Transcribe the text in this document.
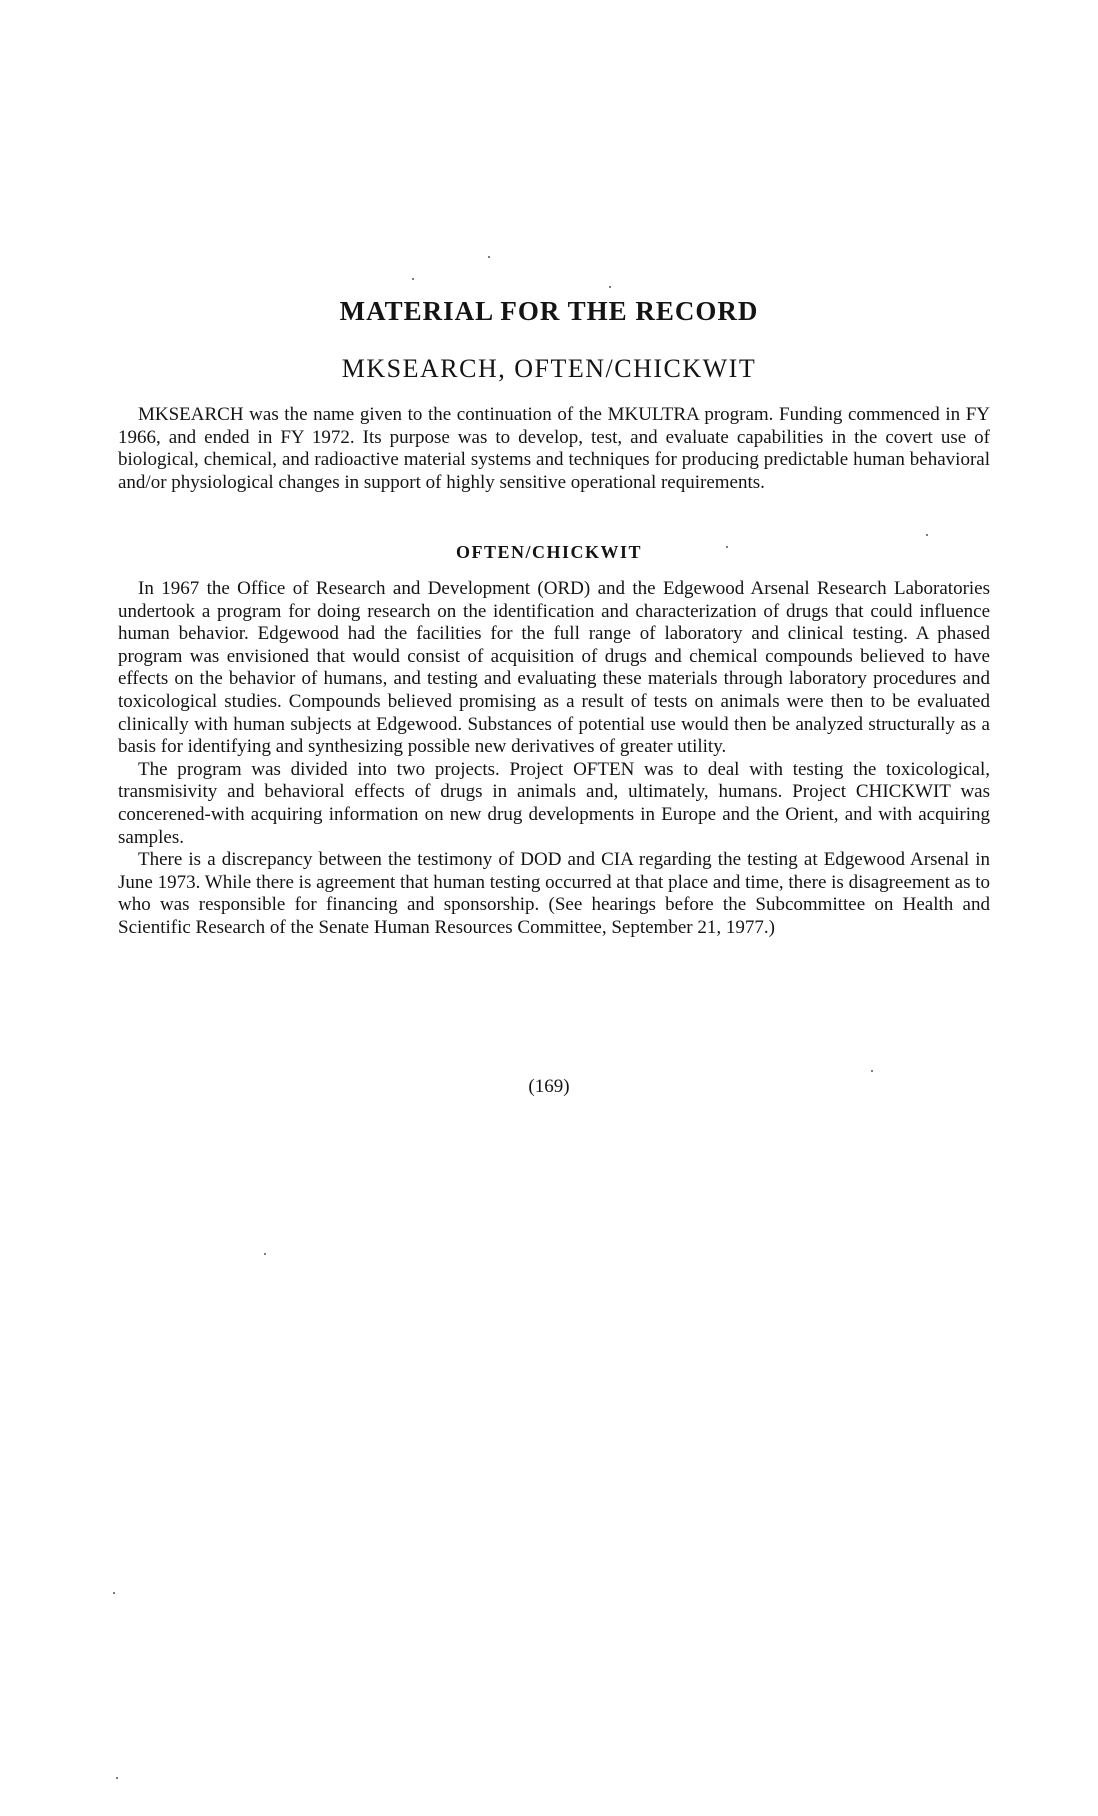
MATERIAL FOR THE RECORD
MKSEARCH, OFTEN/CHICKWIT

MKSEARCH was the name given to the continuation of the MKULTRA program. Funding commenced in FY 1966, and ended in FY 1972. Its purpose was to develop, test, and evaluate capabilities in the covert use of biological, chemical, and radioactive material systems and techniques for producing predictable human behavioral and/or physiological changes in support of highly sensitive operational requirements.

OFTEN/CHICKWIT

In 1967 the Office of Research and Development (ORD) and the Edgewood Arsenal Research Laboratories undertook a program for doing research on the identification and characterization of drugs that could influence human behavior. Edgewood had the facilities for the full range of laboratory and clinical testing. A phased program was envisioned that would consist of acquisition of drugs and chemical compounds believed to have effects on the behavior of humans, and testing and evaluating these materials through laboratory procedures and toxicological studies. Compounds believed promising as a result of tests on animals were then to be evaluated clinically with human subjects at Edgewood. Substances of potential use would then be analyzed structurally as a basis for identifying and synthesizing possible new derivatives of greater utility.

The program was divided into two projects. Project OFTEN was to deal with testing the toxicological, transmisivity and behavioral effects of drugs in animals and, ultimately, humans. Project CHICKWIT was concerened-with acquiring information on new drug developments in Europe and the Orient, and with acquiring samples.

There is a discrepancy between the testimony of DOD and CIA regarding the testing at Edgewood Arsenal in June 1973. While there is agreement that human testing occurred at that place and time, there is disagreement as to who was responsible for financing and sponsorship. (See hearings before the Subcommittee on Health and Scientific Research of the Senate Human Resources Committee, September 21, 1977.)

(169)
